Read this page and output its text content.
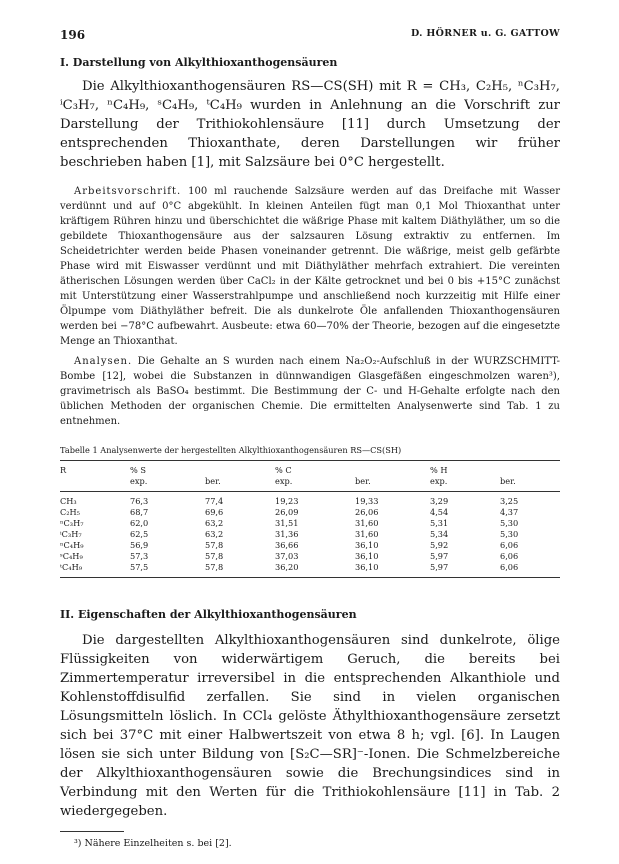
196	D. HÖRNER u. G. GATTOW
I. Darstellung von Alkylthioxanthogensäuren

Die Alkylthioxanthogensäuren RS—CS(SH) mit R = CH₃, C₂H₅, ⁿC₃H₇, ⁱC₃H₇, ⁿC₄H₉, ˢC₄H₉, ᵗC₄H₉ wurden in Anlehnung an die Vorschrift zur Darstellung der Trithiokohlensäure [11] durch Umsetzung der entsprechenden Thioxanthate, deren Darstellungen wir früher beschrieben haben [1], mit Salzsäure bei 0°C hergestellt.

Arbeitsvorschrift. 100 ml rauchende Salzsäure werden auf das Dreifache mit Wasser verdünnt und auf 0°C abgekühlt. In kleinen Anteilen fügt man 0,1 Mol Thioxanthat unter kräftigem Rühren hinzu und überschichtet die wäßrige Phase mit kaltem Diäthyläther, um so die gebildete Thioxanthogensäure aus der salzsauren Lösung extraktiv zu entfernen. Im Scheidetrichter werden beide Phasen voneinander getrennt. Die wäßrige, meist gelb gefärbte Phase wird mit Eiswasser verdünnt und mit Diäthyläther mehrfach extrahiert. Die vereinten ätherischen Lösungen werden über CaCl₂ in der Kälte getrocknet und bei 0 bis +15°C zunächst mit Unterstützung einer Wasserstrahlpumpe und anschließend noch kurzzeitig mit Hilfe einer Ölpumpe vom Diäthyläther befreit. Die als dunkelrote Öle anfallenden Thioxanthogensäuren werden bei −78°C aufbewahrt. Ausbeute: etwa 60—70% der Theorie, bezogen auf die eingesetzte Menge an Thioxanthat.

Analysen. Die Gehalte an S wurden nach einem Na₂O₂-Aufschluß in der WURZSCHMITT-Bombe [12], wobei die Substanzen in dünnwandigen Glasgefäßen eingeschmolzen waren³), gravimetrisch als BaSO₄ bestimmt. Die Bestimmung der C- und H-Gehalte erfolgte nach den üblichen Methoden der organischen Chemie. Die ermittelten Analysenwerte sind Tab. 1 zu entnehmen.

Tabelle 1 Analysenwerte der hergestellten Alkylthioxanthogensäuren RS—CS(SH)
R	% S		% C		% H	
	exp.	ber.	exp.	ber.	exp.	ber.
CH₃	76,3	77,4	19,23	19,33	3,29	3,25
C₂H₅	68,7	69,6	26,09	26,06	4,54	4,37
ⁿC₃H₇	62,0	63,2	31,51	31,60	5,31	5,30
ⁱC₃H₇	62,5	63,2	31,36	31,60	5,34	5,30
ⁿC₄H₉	56,9	57,8	36,66	36,10	5,92	6,06
ˢC₄H₉	57,3	57,8	37,03	36,10	5,97	6,06
ᵗC₄H₉	57,5	57,8	36,20	36,10	5,97	6,06
II. Eigenschaften der Alkylthioxanthogensäuren

Die dargestellten Alkylthioxanthogensäuren sind dunkelrote, ölige Flüssigkeiten von widerwärtigem Geruch, die bereits bei Zimmertemperatur irreversibel in die entsprechenden Alkanthiole und Kohlenstoffdisulfid zerfallen. Sie sind in vielen organischen Lösungsmitteln löslich. In CCl₄ gelöste Äthylthioxanthogensäure zersetzt sich bei 37°C mit einer Halbwertszeit von etwa 8 h; vgl. [6]. In Laugen lösen sie sich unter Bildung von [S₂C—SR]⁻-Ionen. Die Schmelzbereiche der Alkylthioxanthogensäuren sowie die Brechungsindices sind in Verbindung mit den Werten für die Trithiokohlensäure [11] in Tab. 2 wiedergegeben.

³) Nähere Einzelheiten s. bei [2].
